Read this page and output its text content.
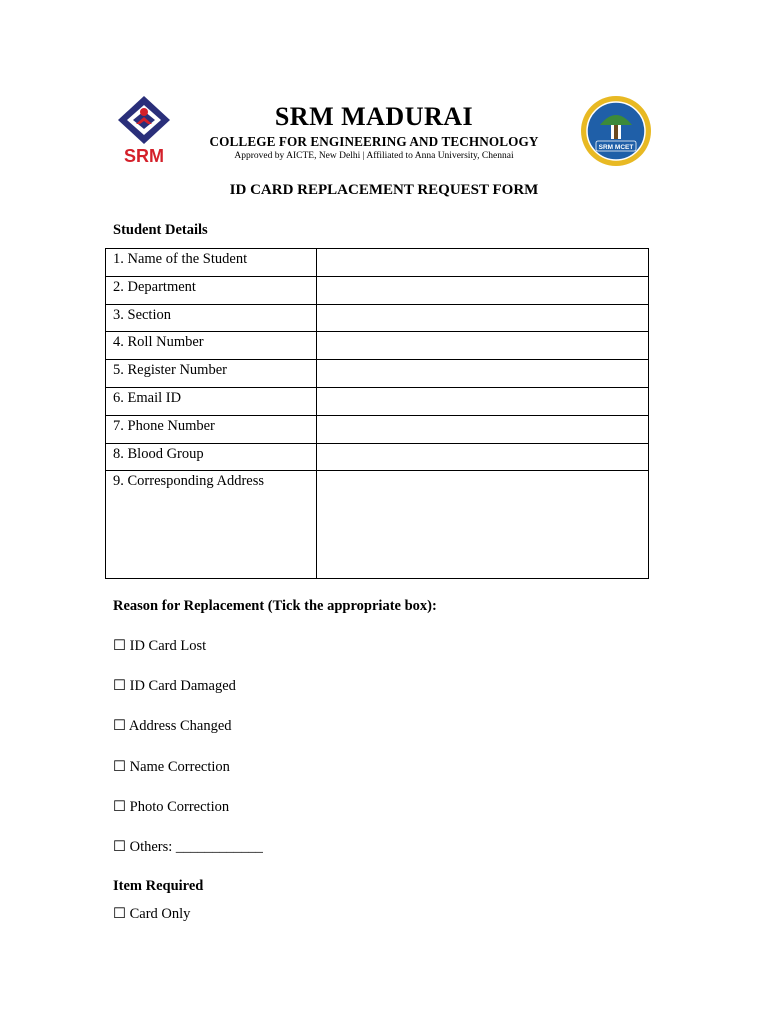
SRM
SRM MADURAI
COLLEGE FOR ENGINEERING AND TECHNOLOGY
Approved by AICTE, New Delhi | Affiliated to Anna University, Chennai
SRM MCET
ID CARD REPLACEMENT REQUEST FORM
Student Details
1. Name of the Student	
2. Department	
3. Section	
4. Roll Number	
5. Register Number	
6. Email ID	
7. Phone Number	
8. Blood Group	
9. Corresponding Address	
Reason for Replacement (Tick the appropriate box):
☐ ID Card Lost
☐ ID Card Damaged
☐ Address Changed
☐ Name Correction
☐ Photo Correction
☐ Others: ____________
Item Required
☐ Card Only
